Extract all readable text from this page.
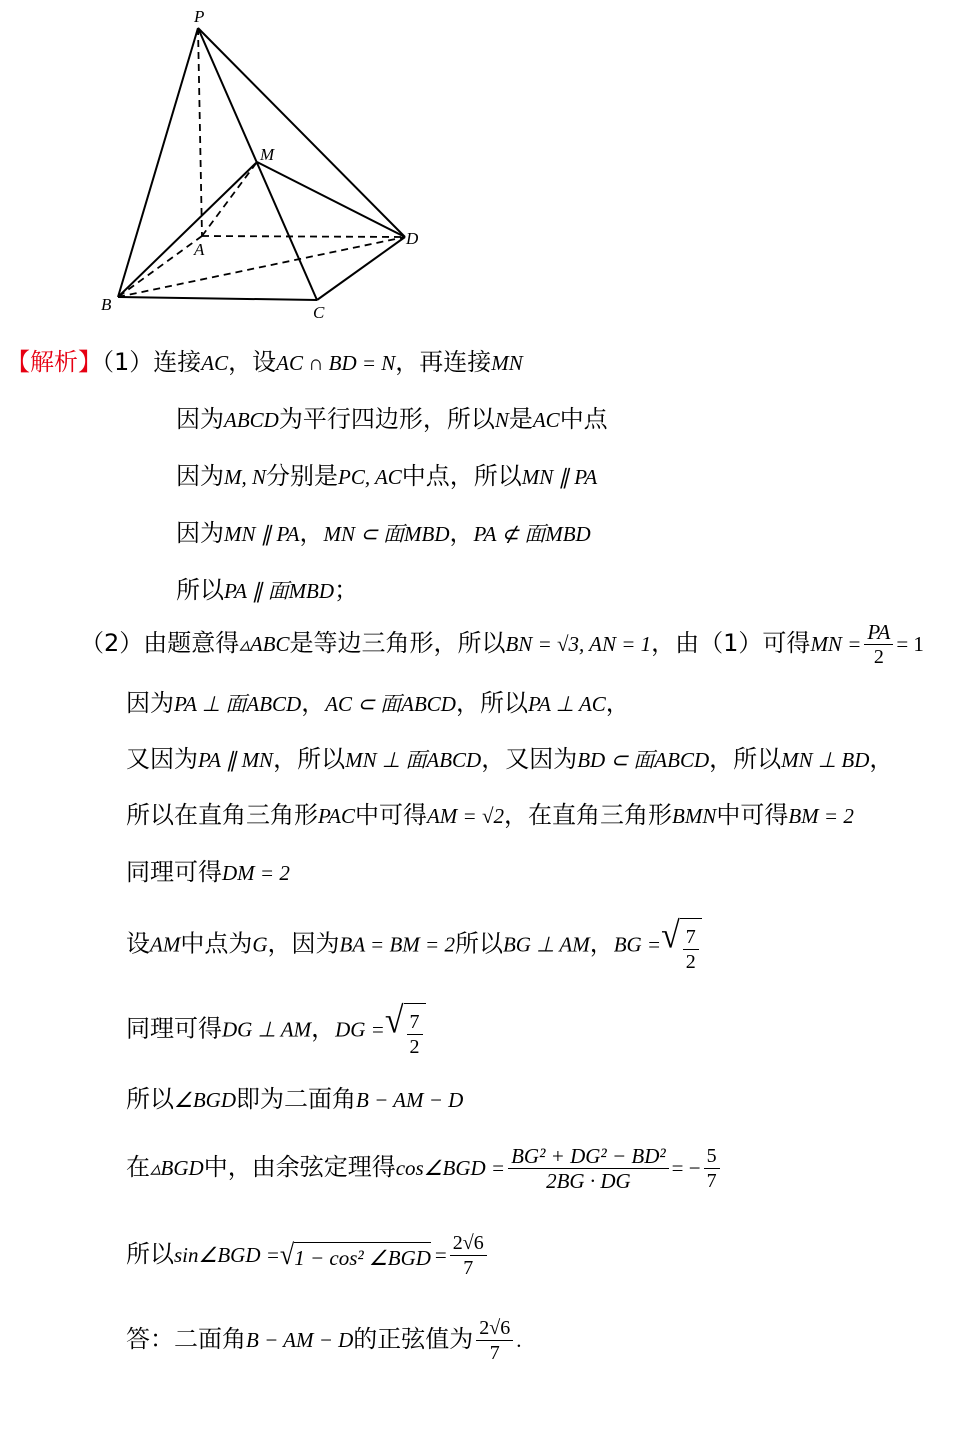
P
M
A
D
B	C
【解析】（1）连接AC，设AC ∩ BD = N，再连接MN
因为ABCD为平行四边形，所以N是AC中点
因为M, N分别是PC, AC中点，所以MN ∥ PA
因为MN ∥ PA，MN ⊂ 面MBD，PA ⊄ 面MBD
所以PA ∥ 面MBD；
（2）由题意得▵ABC是等边三角形，所以BN = √3, AN = 1，由（1）可得MN = $\frac{PA}{2} = 1$
因为PA ⊥ 面ABCD，AC ⊂ 面ABCD，所以PA ⊥ AC，
又因为PA ∥ MN，所以MN ⊥ 面ABCD，又因为BD ⊂ 面ABCD，所以MN ⊥ BD，
所以在直角三角形PAC中可得AM = √2，在直角三角形BMN中可得BM = 2
同理可得DM = 2
设AM中点为G，因为BA = BM = 2所以BG ⊥ AM，BG = √ $\frac{7}{2}$
同理可得DG ⊥ AM，DG = √ $\frac{7}{2}$
所以∠BGD即为二面角B − AM − D
在▵BGD中，由余弦定理得cos∠BGD = $\frac{\text{BG² + DG² − BD²}}{2BG \cdot DG}$ = − $\frac{5}{7}$
所以sin∠BGD = √ 1 − cos² ∠BGD = $\frac{2√6}{7}$
答：二面角B − AM − D的正弦值为 $\frac{2√6}{7}$ .
